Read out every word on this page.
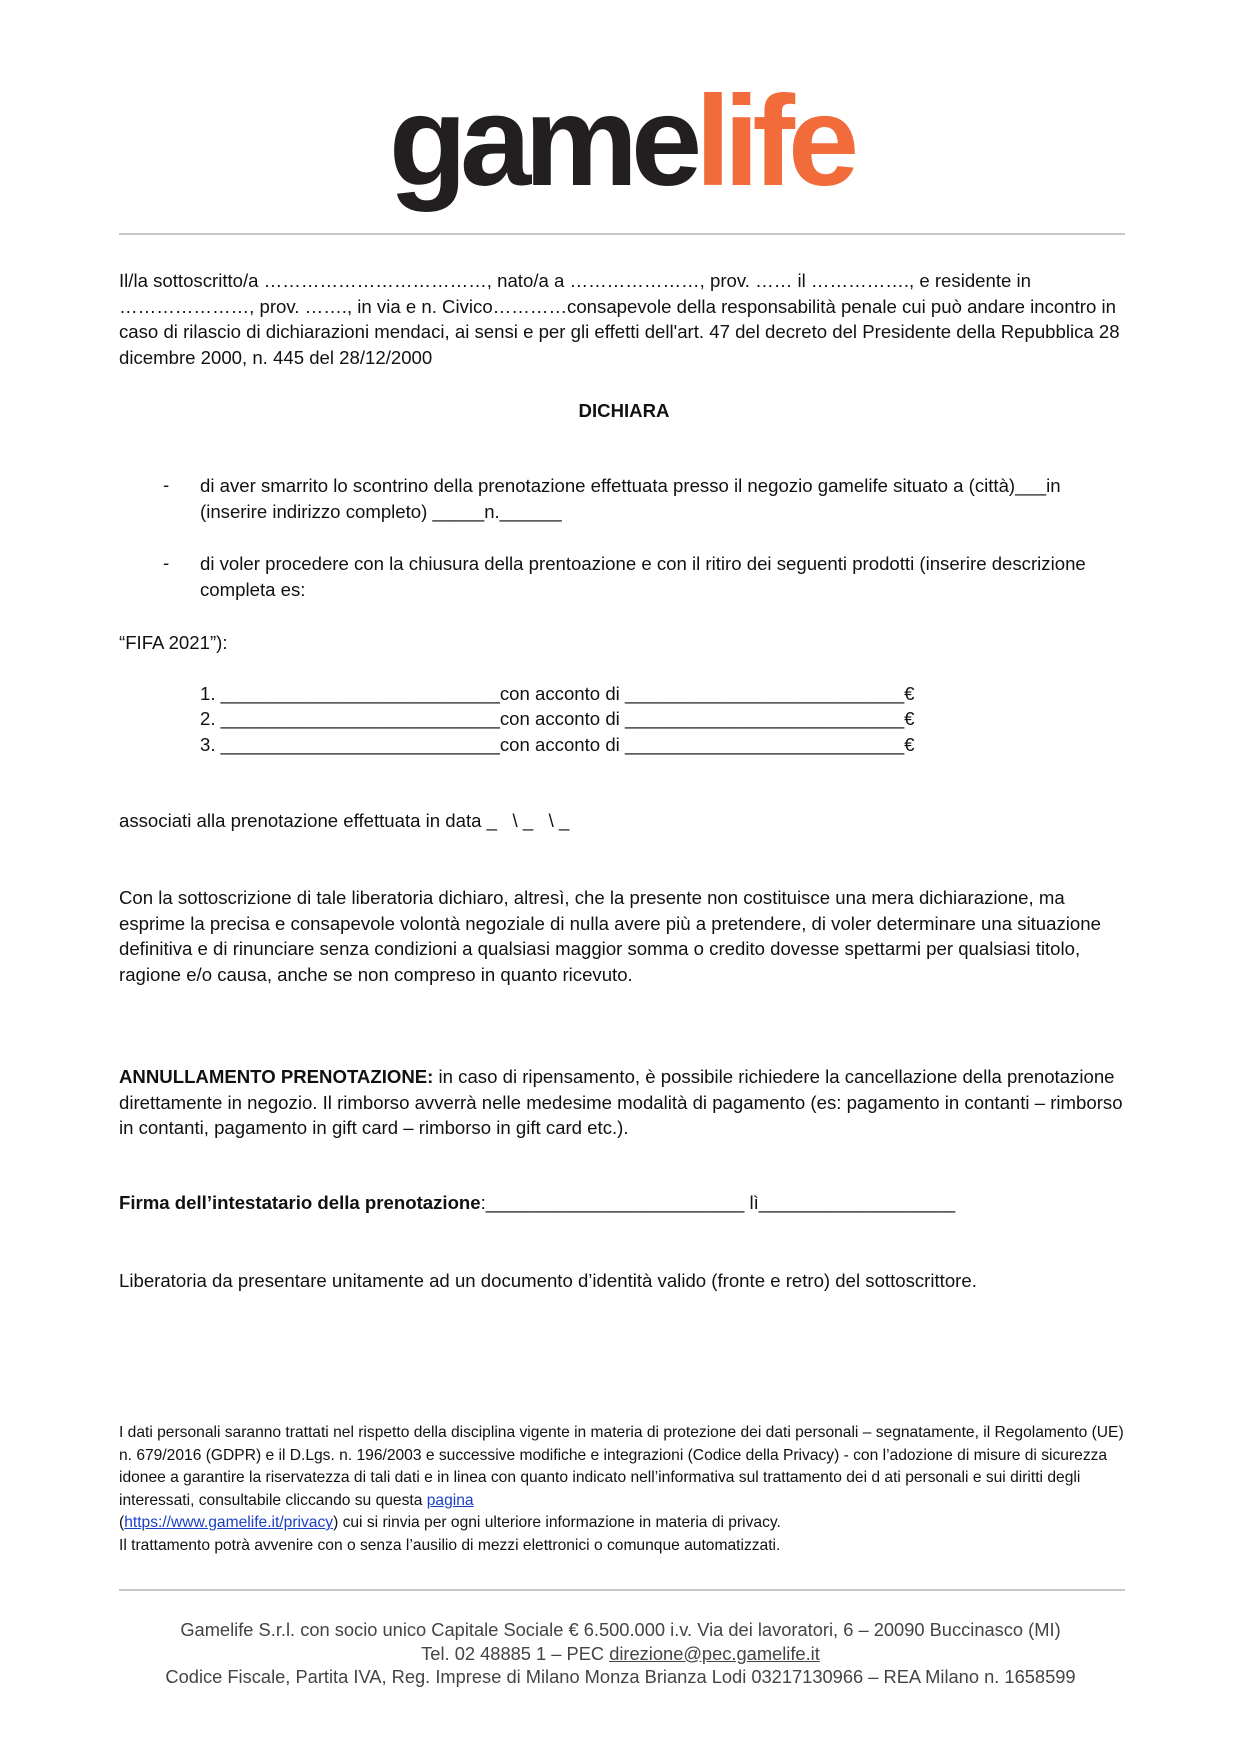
gamelife
Il/la sottoscritto/a ………………………………, nato/a a …………………, prov. …… il ……………., e residente in …………………, prov. ……., in via e n. Civico…………consapevole della responsabilità penale cui può andare incontro in caso di rilascio di dichiarazioni mendaci, ai sensi e per gli effetti dell'art. 47 del decreto del Presidente della Repubblica 28 dicembre 2000, n. 445 del 28/12/2000
DICHIARA
- di aver smarrito lo scontrino della prenotazione effettuata presso il negozio gamelife situato a (città)___in (inserire indirizzo completo) _____n.______
- di voler procedere con la chiusura della prentoazione e con il ritiro dei seguenti prodotti (inserire descrizione completa es:
“FIFA 2021”):
1. ___________________________con acconto di ___________________________€
2. ___________________________con acconto di ___________________________€
3. ___________________________con acconto di ___________________________€
associati alla prenotazione effettuata in data _   \ _   \ _
Con la sottoscrizione di tale liberatoria dichiaro, altresì, che la presente non costituisce una mera dichiarazione, ma esprime la precisa e consapevole volontà negoziale di nulla avere più a pretendere, di voler determinare una situazione definitiva e di rinunciare senza condizioni a qualsiasi maggior somma o credito dovesse spettarmi per qualsiasi titolo, ragione e/o causa, anche se non compreso in quanto ricevuto.
ANNULLAMENTO PRENOTAZIONE: in caso di ripensamento, è possibile richiedere la cancellazione della prenotazione direttamente in negozio. Il rimborso avverrà nelle medesime modalità di pagamento (es: pagamento in contanti – rimborso in contanti, pagamento in gift card – rimborso in gift card etc.).
Firma dell’intestatario della prenotazione:_________________________ lì___________________
Liberatoria da presentare unitamente ad un documento d’identità valido (fronte e retro) del sottoscrittore.
I dati personali saranno trattati nel rispetto della disciplina vigente in materia di protezione dei dati personali – segnatamente, il Regolamento (UE) n. 679/2016 (GDPR) e il D.Lgs. n. 196/2003 e successive modifiche e integrazioni (Codice della Privacy) - con l’adozione di misure di sicurezza idonee a garantire la riservatezza di tali dati e in linea con quanto indicato nell’informativa sul trattamento dei d ati personali e sui diritti degli interessati, consultabile cliccando su questa pagina
(https://www.gamelife.it/privacy) cui si rinvia per ogni ulteriore informazione in materia di privacy.
Il trattamento potrà avvenire con o senza l’ausilio di mezzi elettronici o comunque automatizzati.
Gamelife S.r.l. con socio unico Capitale Sociale € 6.500.000 i.v. Via dei lavoratori, 6 – 20090 Buccinasco (MI)
Tel. 02 48885 1 – PEC direzione@pec.gamelife.it
Codice Fiscale, Partita IVA, Reg. Imprese di Milano Monza Brianza Lodi 03217130966 – REA Milano n. 1658599
